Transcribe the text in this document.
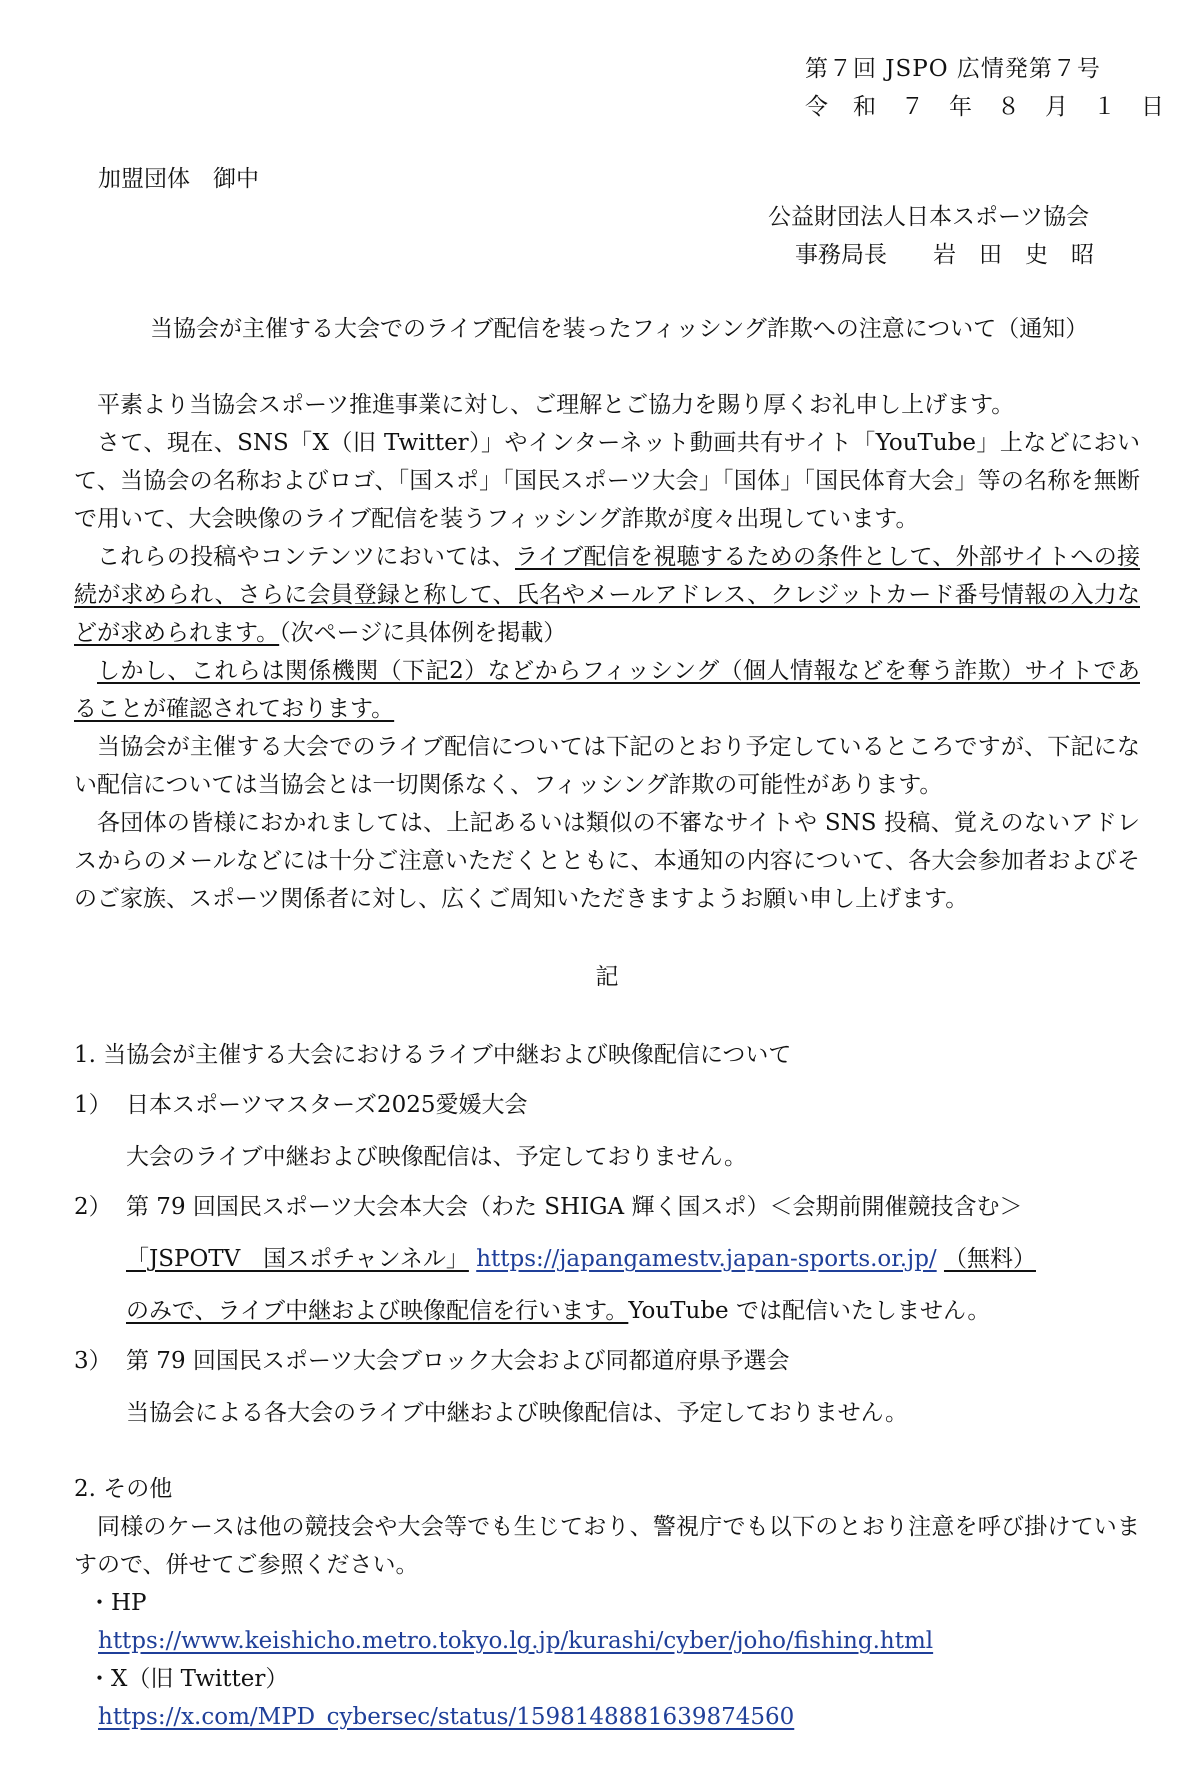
第７回 JSPO 広情発第７号
令　和　７　年　８　月　１　日
加盟団体　御中
公益財団法人日本スポーツ協会
事務局長　　岩　田　史　昭
当協会が主催する大会でのライブ配信を装ったフィッシング詐欺への注意について（通知）

平素より当協会スポーツ推進事業に対し、ご理解とご協力を賜り厚くお礼申し上げます。

さて、現在、SNS「X（旧 Twitter）」やインターネット動画共有サイト「YouTube」上などにおいて、当協会の名称およびロゴ、「国スポ」「国民スポーツ大会」「国体」「国民体育大会」等の名称を無断で用いて、大会映像のライブ配信を装うフィッシング詐欺が度々出現しています。

これらの投稿やコンテンツにおいては、ライブ配信を視聴するための条件として、外部サイトへの接続が求められ、さらに会員登録と称して、氏名やメールアドレス、クレジットカード番号情報の入力などが求められます。（次ページに具体例を掲載）

しかし、これらは関係機関（下記2）などからフィッシング（個人情報などを奪う詐欺）サイトであることが確認されております。

当協会が主催する大会でのライブ配信については下記のとおり予定しているところですが、下記にない配信については当協会とは一切関係なく、フィッシング詐欺の可能性があります。

各団体の皆様におかれましては、上記あるいは類似の不審なサイトや SNS 投稿、覚えのないアドレスからのメールなどには十分ご注意いただくとともに、本通知の内容について、各大会参加者およびそのご家族、スポーツ関係者に対し、広くご周知いただきますようお願い申し上げます。

記
1. 当協会が主催する大会におけるライブ中継および映像配信について
1） 日本スポーツマスターズ2025愛媛大会
大会のライブ中継および映像配信は、予定しておりません。
2） 第 79 回国民スポーツ大会本大会（わた SHIGA 輝く国スポ）＜会期前開催競技含む＞
「JSPOTV　国スポチャンネル」 https://japangamestv.japan-sports.or.jp/ （無料）
のみで、ライブ中継および映像配信を行います。YouTube では配信いたしません。
3） 第 79 回国民スポーツ大会ブロック大会および同都道府県予選会
当協会による各大会のライブ中継および映像配信は、予定しておりません。
2. その他

同様のケースは他の競技会や大会等でも生じており、警視庁でも以下のとおり注意を呼び掛けていますので、併せてご参照ください。

・HP
https://www.keishicho.metro.tokyo.lg.jp/kurashi/cyber/joho/fishing.html
・X（旧 Twitter）
https://x.com/MPD_cybersec/status/1598148881639874560
